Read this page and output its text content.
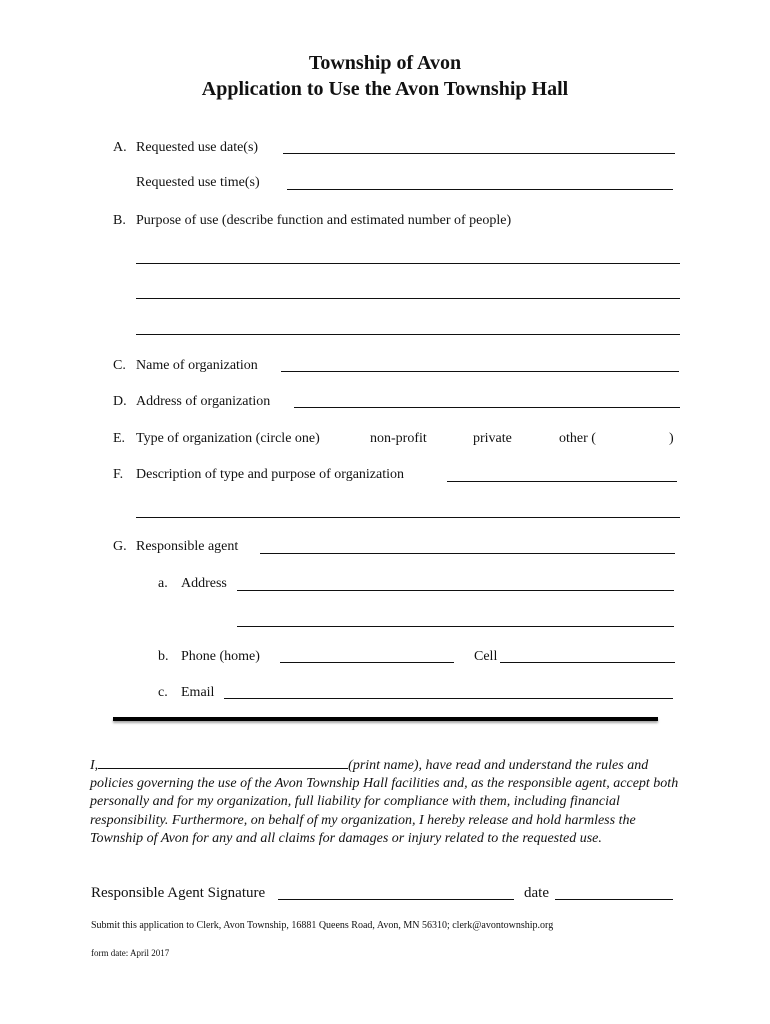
Township of Avon
Application to Use the Avon Township Hall
A. Requested use date(s)
Requested use time(s)
B. Purpose of use (describe function and estimated number of people)
C. Name of organization
D. Address of organization
E. Type of organization (circle one)	non-profit	private	other (	)
F. Description of type and purpose of organization
G. Responsible agent
a. Address
b. Phone (home)	Cell
c. Email
I,	(print name), have read and understand the rules and policies governing the use of the Avon Township Hall facilities and, as the responsible agent, accept both personally and for my organization, full liability for compliance with them, including financial responsibility. Furthermore, on behalf of my organization, I hereby release and hold harmless the Township of Avon for any and all claims for damages or injury related to the requested use.
Responsible Agent Signature	date
Submit this application to Clerk, Avon Township, 16881 Queens Road, Avon, MN 56310; clerk@avontownship.org
form date: April 2017
